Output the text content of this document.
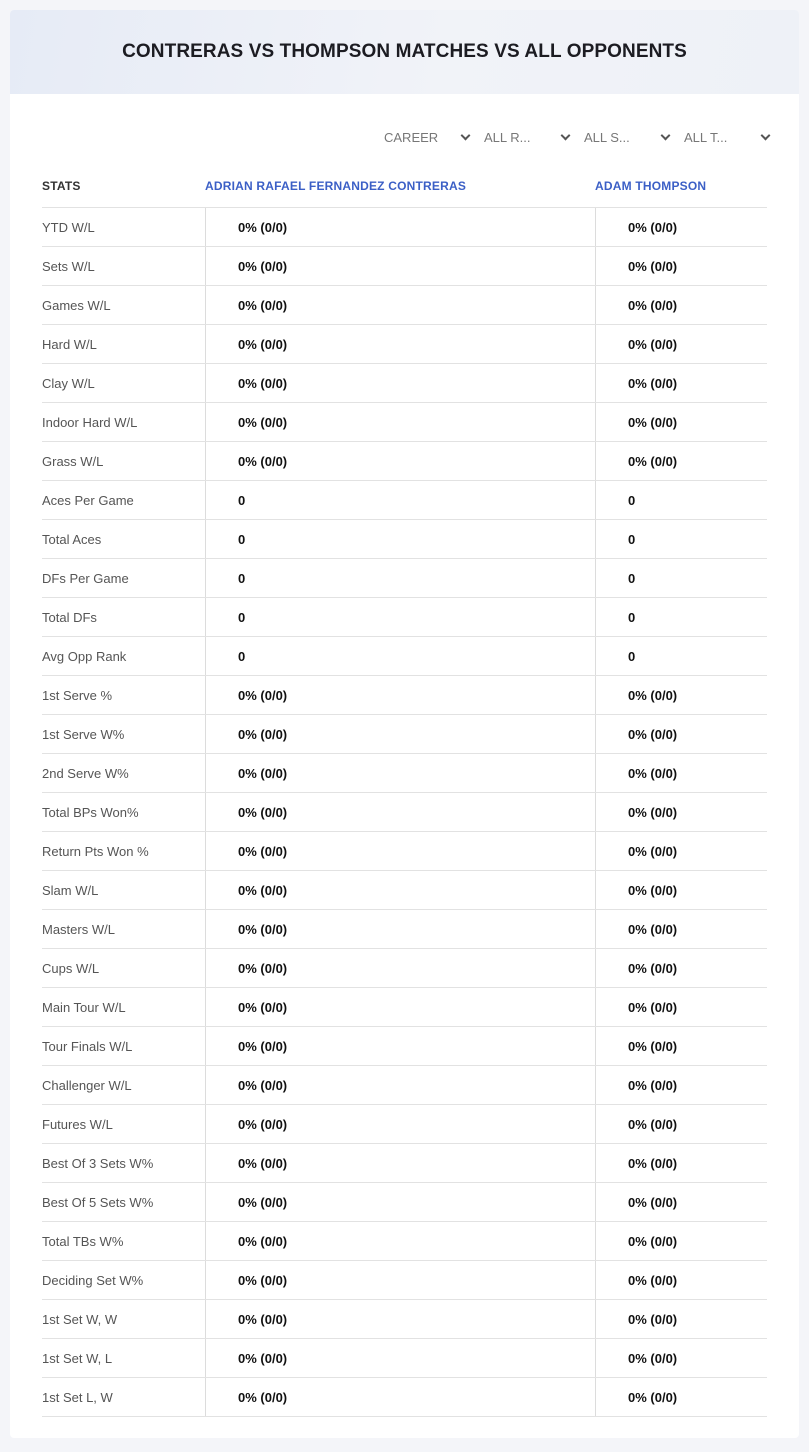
CONTRERAS VS THOMPSON MATCHES VS ALL OPPONENTS
CAREER	ALL R...	ALL S...	ALL T...
STATS	ADRIAN RAFAEL FERNANDEZ CONTRERAS	ADAM THOMPSON
YTD W/L	0% (0/0)	0% (0/0)
Sets W/L	0% (0/0)	0% (0/0)
Games W/L	0% (0/0)	0% (0/0)
Hard W/L	0% (0/0)	0% (0/0)
Clay W/L	0% (0/0)	0% (0/0)
Indoor Hard W/L	0% (0/0)	0% (0/0)
Grass W/L	0% (0/0)	0% (0/0)
Aces Per Game	0	0
Total Aces	0	0
DFs Per Game	0	0
Total DFs	0	0
Avg Opp Rank	0	0
1st Serve %	0% (0/0)	0% (0/0)
1st Serve W%	0% (0/0)	0% (0/0)
2nd Serve W%	0% (0/0)	0% (0/0)
Total BPs Won%	0% (0/0)	0% (0/0)
Return Pts Won %	0% (0/0)	0% (0/0)
Slam W/L	0% (0/0)	0% (0/0)
Masters W/L	0% (0/0)	0% (0/0)
Cups W/L	0% (0/0)	0% (0/0)
Main Tour W/L	0% (0/0)	0% (0/0)
Tour Finals W/L	0% (0/0)	0% (0/0)
Challenger W/L	0% (0/0)	0% (0/0)
Futures W/L	0% (0/0)	0% (0/0)
Best Of 3 Sets W%	0% (0/0)	0% (0/0)
Best Of 5 Sets W%	0% (0/0)	0% (0/0)
Total TBs W%	0% (0/0)	0% (0/0)
Deciding Set W%	0% (0/0)	0% (0/0)
1st Set W, W	0% (0/0)	0% (0/0)
1st Set W, L	0% (0/0)	0% (0/0)
1st Set L, W	0% (0/0)	0% (0/0)
